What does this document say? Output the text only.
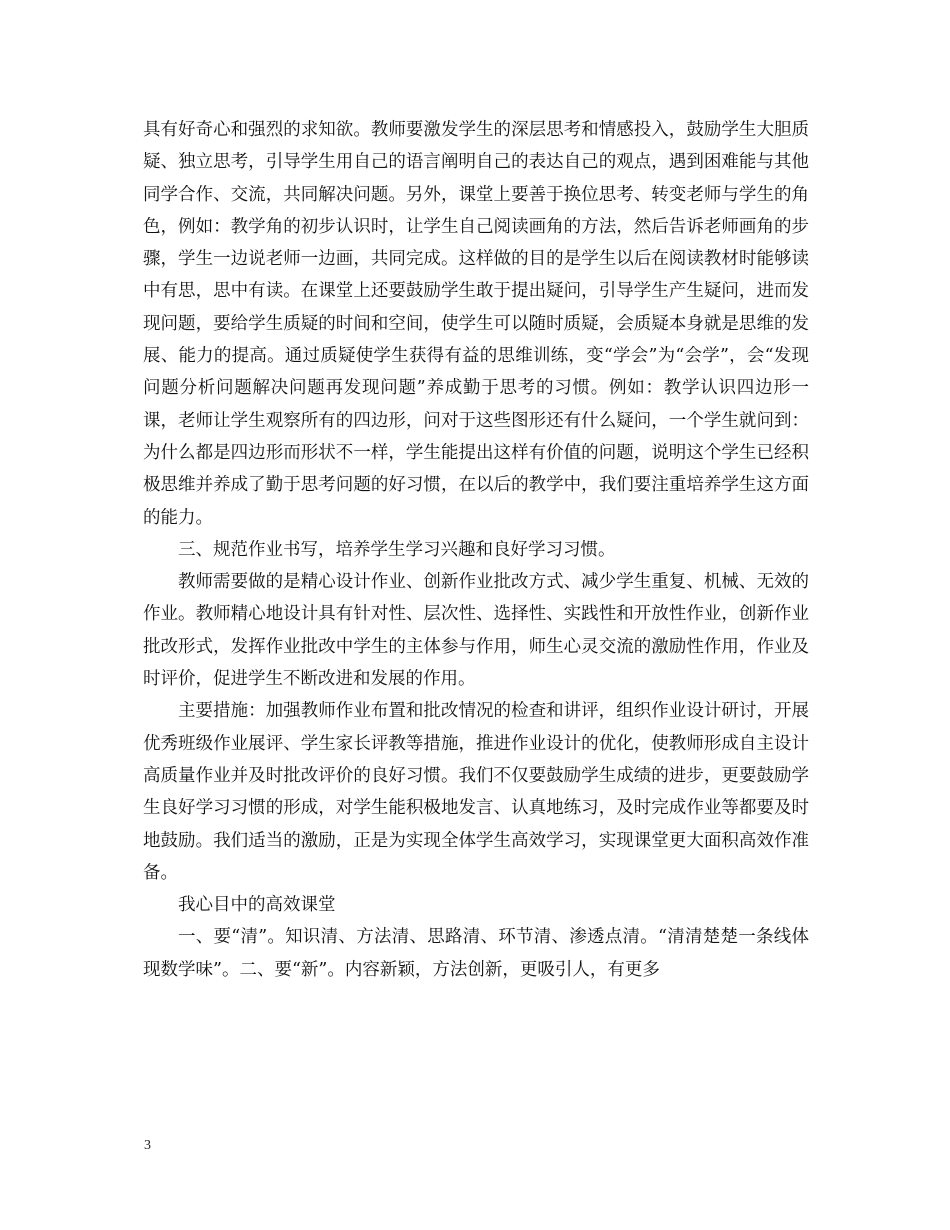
具有好奇心和强烈的求知欲。教师要激发学生的深层思考和情感投入，鼓励学生大胆质疑、独立思考，引导学生用自己的语言阐明自己的表达自己的观点，遇到困难能与其他同学合作、交流，共同解决问题。另外，课堂上要善于换位思考、转变老师与学生的角色，例如：教学角的初步认识时，让学生自己阅读画角的方法，然后告诉老师画角的步骤，学生一边说老师一边画，共同完成。这样做的目的是学生以后在阅读教材时能够读中有思，思中有读。在课堂上还要鼓励学生敢于提出疑问，引导学生产生疑问，进而发现问题，要给学生质疑的时间和空间，使学生可以随时质疑，会质疑本身就是思维的发展、能力的提高。通过质疑使学生获得有益的思维训练，变“学会”为“会学”，会“发现问题分析问题解决问题再发现问题”养成勤于思考的习惯。例如：教学认识四边形一课，老师让学生观察所有的四边形，问对于这些图形还有什么疑问，一个学生就问到：为什么都是四边形而形状不一样，学生能提出这样有价值的问题，说明这个学生已经积极思维并养成了勤于思考问题的好习惯，在以后的教学中，我们要注重培养学生这方面的能力。

三、规范作业书写，培养学生学习兴趣和良好学习习惯。

教师需要做的是精心设计作业、创新作业批改方式、减少学生重复、机械、无效的作业。教师精心地设计具有针对性、层次性、选择性、实践性和开放性作业，创新作业批改形式，发挥作业批改中学生的主体参与作用，师生心灵交流的激励性作用，作业及时评价，促进学生不断改进和发展的作用。

主要措施：加强教师作业布置和批改情况的检查和讲评，组织作业设计研讨，开展优秀班级作业展评、学生家长评教等措施，推进作业设计的优化，使教师形成自主设计高质量作业并及时批改评价的良好习惯。我们不仅要鼓励学生成绩的进步，更要鼓励学生良好学习习惯的形成，对学生能积极地发言、认真地练习，及时完成作业等都要及时地鼓励。我们适当的激励，正是为实现全体学生高效学习，实现课堂更大面积高效作准备。

我心目中的高效课堂

一、要“清”。知识清、方法清、思路清、环节清、渗透点清。“清清楚楚一条线体现数学味”。二、要“新”。内容新颖，方法创新，更吸引人，有更多

3
